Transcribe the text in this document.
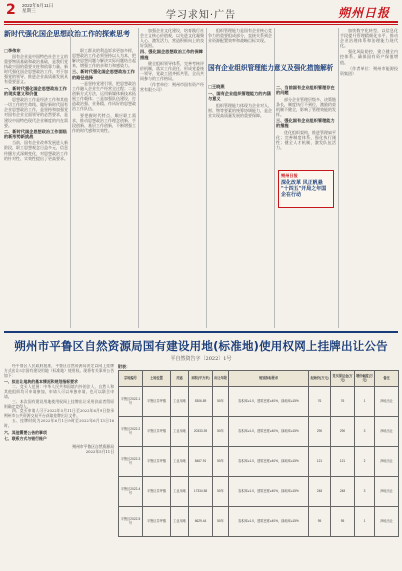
2 2022年5月11日
星期三	学习求知·广告	朔州日报
新时代强化国企思想政治工作的探索思考
□李伟东

国有企业是中国特色社会主义的重要物质基础和政治基础，是我们党执政兴国的重要支柱和依靠力量。新时代强化国企思想政治工作，对于加强党的领导、推进企业高质量发展具有重要意义。

一、新时代强化国企思想政治工作的现实意义和价值

思想政治工作是经济工作和其他一切工作的生命线。做好新时代国有企业思想政治工作，是坚持和加强党对国有企业全面领导的必然要求，是建设中国特色现代企业制度的内在需要。

二、新时代国企思想政治工作面临的新形势新挑战

当前，国有企业改革发展进入新阶段，职工思想观念日益多元，信息传播方式深刻变化，对思想政治工作的针对性、实效性提出了更高要求。

职工群众的利益诉求更加多样，思想政治工作必须坚持以人为本，把解决思想问题与解决实际问题结合起来，增强工作的亲和力和感染力。

三、新时代强化国企思想政治工作的路径选择

一是坚持党建引领，把思想政治工作融入企业生产经营全过程；二是创新方式方法，运用新媒体新技术拓展工作载体；三是加强队伍建设，打造政治强、业务精、作风好的思想政治工作队伍。

要把握时代特点，顺应职工需求，推动思想政治工作理念创新、手段创新、基层工作创新，不断增强工作的时代感和实效性。

加强企业文化建设，培育践行社会主义核心价值观，以先进文化凝聚人心、激发活力，营造积极向上的良好氛围。

四、强化国企思想政治工作的保障措施

健全组织领导体系，完善考核评价机制，落实工作责任，形成党委统一领导、党政工团齐抓共管、全员共同参与的工作格局。

（作者单位：朔州市国有资产经营有限公司）

国有企业组织管理能力意义及强化措施解析

组织管理能力是国有企业核心竞争力的重要组成部分，直接关系到企业资源配置效率和战略目标实现。

□王晓燕

一、国有企业组织管理能力的内涵与意义

组织管理能力体现为企业对人、财、物等要素的统筹协调能力，是企业实现高质量发展的重要保障。

二、当前国有企业组织管理存在的问题

部分企业管理层级多、决策链条长，制度执行不到位，激励约束机制不健全，影响了管理效能的发挥。

三、强化国有企业组织管理能力的措施

优化组织架构，推进管理扁平化；完善制度体系，强化执行刚性；健全人才机制，激发队伍活力。

朔州日报
深化改革 风正帆悬 "十四五"开局之年国企在行动

加快数字化转型，以信息化手段提升管理精细化水平，推动企业治理体系和治理能力现代化。

强化风险防控，建立健全内控体系，确保国有资产保值增值。

（作者单位：朔州市能源投资集团）

朔州市平鲁区自然资源局国有建设用地(标准地)使用权网上挂牌出让公告
平自然资告字〔2022〕1号

经平鲁区人民政府批准，平鲁区自然资源局决定以网上挂牌方式出让5宗国有建设用地（标准地）使用权。现将有关事项公告如下：

一、拟出让地块的基本情况和规划指标要求

二、竞买人范围：中华人民共和国境内外的法人、自然人和其他组织均可申请参加，申请人可以单独申请，也可以联合申请。

三、本次国有建设用地使用权网上挂牌出让采用价高者得原则确定竞得人。

四、竞买申请人可于2022年5月11日至2022年6月9日登录朔州市公共资源交易平台获取挂牌出让文件。

五、挂牌时间为2022年6月1日9时至2022年6月13日16时。

六、其他需要公告的事项

七、联系方式与银行账户

朔州市平鲁区自然资源局
2022年5月11日
附表：
宗地编号	土地位置	用途	面积(平方米)	出让年限	规划指标要求	起始价(万元)	竞买保证金(万元)	增价幅度(万元)	备注
平鲁区2022-1号	平鲁区井坪镇	工业用地	5306.89	50年	容积率≥1.0，建筑密度≥40%，绿地率≤15%	76	76	1	净地出让
平鲁区2022-2号	平鲁区井坪镇	工业用地	20333.39	50年	容积率≥1.0，建筑密度≥40%，绿地率≤15%	290	290	3	净地出让
平鲁区2022-3号	平鲁区井坪镇	工业用地	8467.91	50年	容积率≥1.0，建筑密度≥40%，绿地率≤15%	121	121	2	净地出让
平鲁区2022-4号	平鲁区井坪镇	工业用地	17334.58	50年	容积率≥1.0，建筑密度≥40%，绿地率≤15%	248	248	3	净地出让
平鲁区2022-5号	平鲁区井坪镇	工业用地	6629.44	50年	容积率≥1.0，建筑密度≥40%，绿地率≤15%	95	95	1	净地出让
